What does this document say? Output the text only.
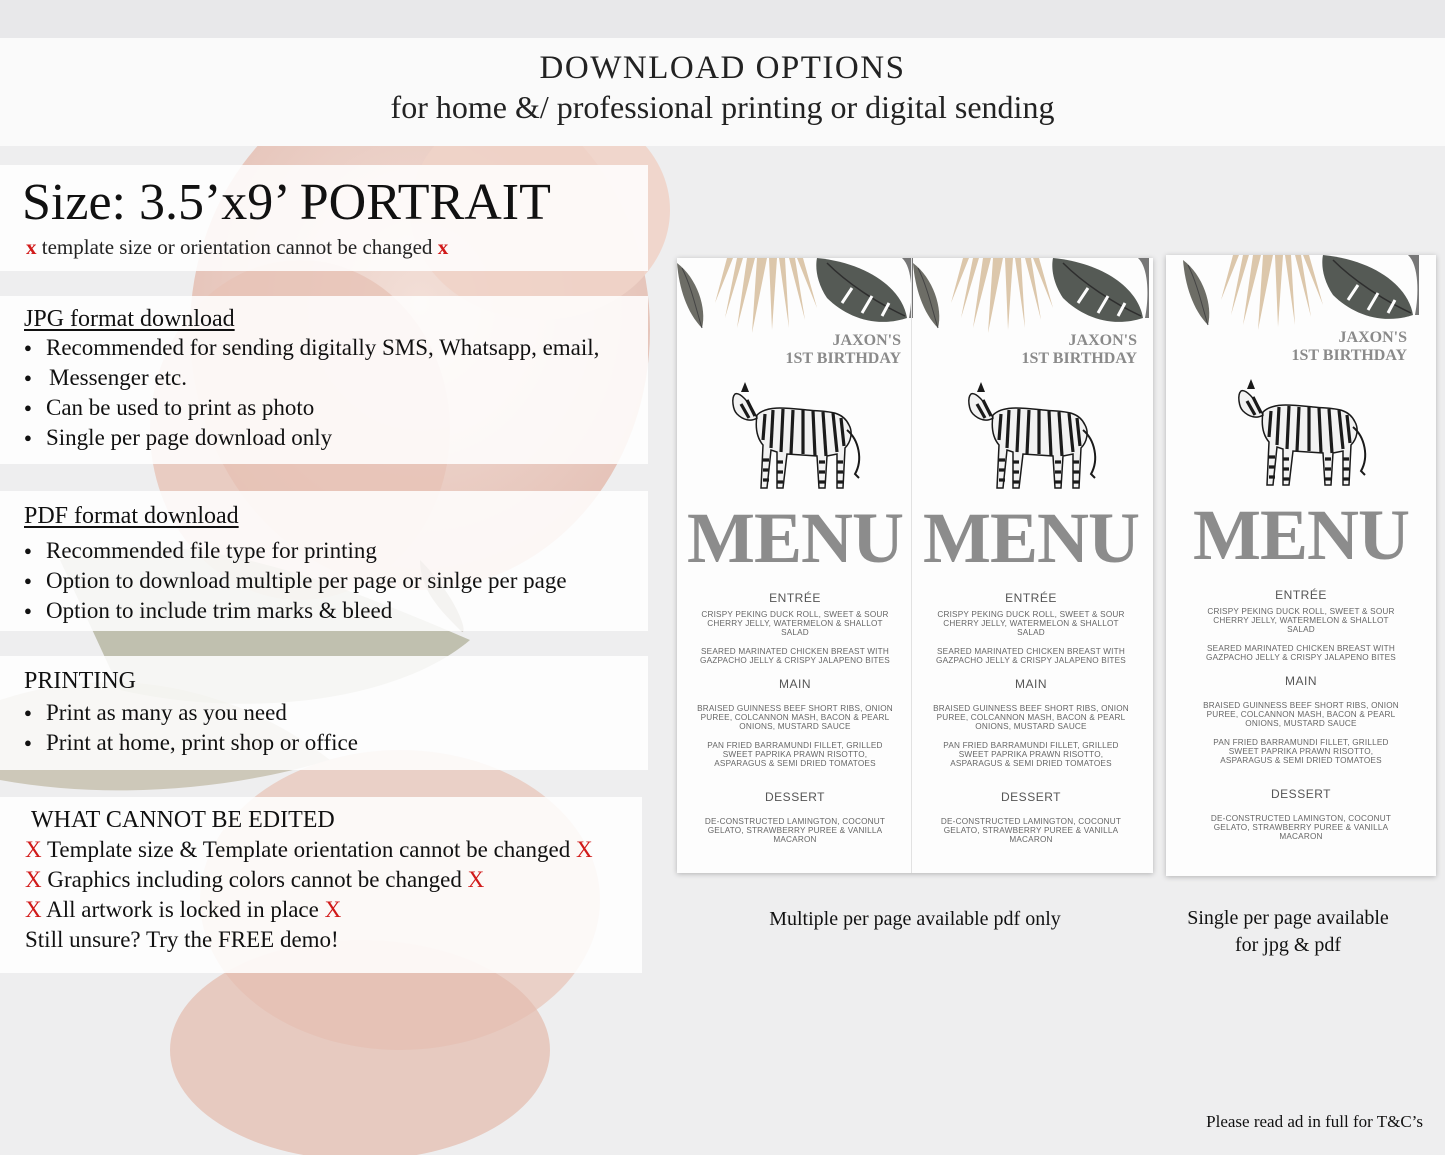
DOWNLOAD OPTIONS
for home &/ professional printing or digital sending
Size: 3.5’x9’ PORTRAIT
x template size or orientation cannot be changed x
JPG format download
● Recommended for sending digitally SMS, Whatsapp, email,
● Messenger etc.
● Can be used to print as photo
● Single per page download only
PDF format download
● Recommended file type for printing
● Option to download multiple per page or sinlge per page
● Option to include trim marks & bleed
PRINTING
● Print as many as you need
● Print at home, print shop or office
WHAT CANNOT BE EDITED
X Template size & Template orientation cannot be changed X
X Graphics including colors cannot be changed X
X All artwork is locked in place X
Still unsure? Try the FREE demo!
JAXON'S
1ST BIRTHDAY
MENU
ENTRÉE
CRISPY PEKING DUCK ROLL, SWEET & SOUR CHERRY JELLY, WATERMELON & SHALLOT SALAD
SEARED MARINATED CHICKEN BREAST WITH GAZPACHO JELLY & CRISPY JALAPENO BITES
MAIN
BRAISED GUINNESS BEEF SHORT RIBS, ONION PUREE, COLCANNON MASH, BACON & PEARL ONIONS, MUSTARD SAUCE
PAN FRIED BARRAMUNDI FILLET, GRILLED SWEET PAPRIKA PRAWN RISOTTO, ASPARAGUS & SEMI DRIED TOMATOES
DESSERT
DE-CONSTRUCTED LAMINGTON, COCONUT GELATO, STRAWBERRY PUREE & VANILLA MACARON
JAXON'S
1ST BIRTHDAY
MENU
ENTRÉE
CRISPY PEKING DUCK ROLL, SWEET & SOUR CHERRY JELLY, WATERMELON & SHALLOT SALAD
SEARED MARINATED CHICKEN BREAST WITH GAZPACHO JELLY & CRISPY JALAPENO BITES
MAIN
BRAISED GUINNESS BEEF SHORT RIBS, ONION PUREE, COLCANNON MASH, BACON & PEARL ONIONS, MUSTARD SAUCE
PAN FRIED BARRAMUNDI FILLET, GRILLED SWEET PAPRIKA PRAWN RISOTTO, ASPARAGUS & SEMI DRIED TOMATOES
DESSERT
DE-CONSTRUCTED LAMINGTON, COCONUT GELATO, STRAWBERRY PUREE & VANILLA MACARON
JAXON'S
1ST BIRTHDAY
MENU
ENTRÉE
CRISPY PEKING DUCK ROLL, SWEET & SOUR CHERRY JELLY, WATERMELON & SHALLOT SALAD
SEARED MARINATED CHICKEN BREAST WITH GAZPACHO JELLY & CRISPY JALAPENO BITES
MAIN
BRAISED GUINNESS BEEF SHORT RIBS, ONION PUREE, COLCANNON MASH, BACON & PEARL ONIONS, MUSTARD SAUCE
PAN FRIED BARRAMUNDI FILLET, GRILLED SWEET PAPRIKA PRAWN RISOTTO, ASPARAGUS & SEMI DRIED TOMATOES
DESSERT
DE-CONSTRUCTED LAMINGTON, COCONUT GELATO, STRAWBERRY PUREE & VANILLA MACARON
Multiple per page available pdf only	Single per page available
for jpg & pdf
Please read ad in full for T&C’s
